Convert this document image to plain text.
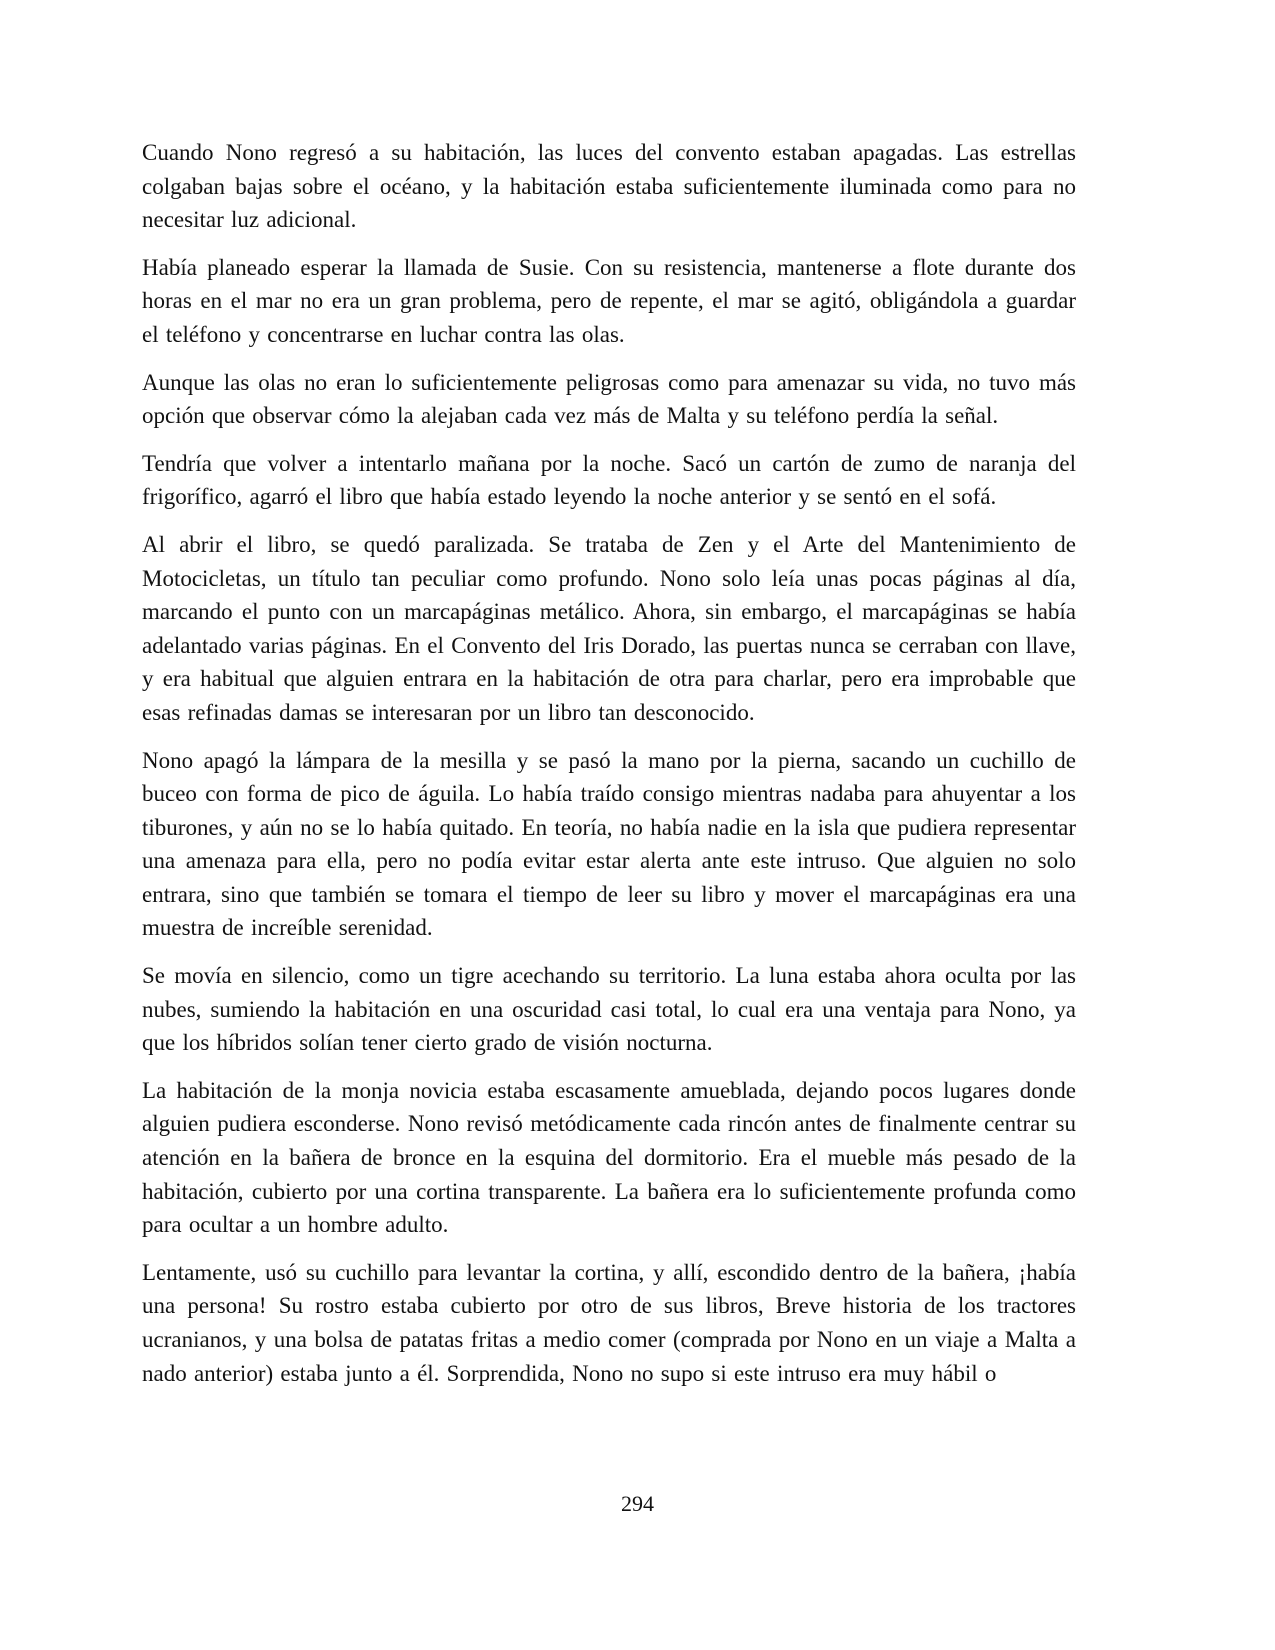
Cuando Nono regresó a su habitación, las luces del convento estaban apagadas. Las estrellas colgaban bajas sobre el océano, y la habitación estaba suficientemente iluminada como para no necesitar luz adicional.

Había planeado esperar la llamada de Susie. Con su resistencia, mantenerse a flote durante dos horas en el mar no era un gran problema, pero de repente, el mar se agitó, obligándola a guardar el teléfono y concentrarse en luchar contra las olas.

Aunque las olas no eran lo suficientemente peligrosas como para amenazar su vida, no tuvo más opción que observar cómo la alejaban cada vez más de Malta y su teléfono perdía la señal.

Tendría que volver a intentarlo mañana por la noche. Sacó un cartón de zumo de naranja del frigorífico, agarró el libro que había estado leyendo la noche anterior y se sentó en el sofá.

Al abrir el libro, se quedó paralizada. Se trataba de Zen y el Arte del Mantenimiento de Motocicletas, un título tan peculiar como profundo. Nono solo leía unas pocas páginas al día, marcando el punto con un marcapáginas metálico. Ahora, sin embargo, el marcapáginas se había adelantado varias páginas. En el Convento del Iris Dorado, las puertas nunca se cerraban con llave, y era habitual que alguien entrara en la habitación de otra para charlar, pero era improbable que esas refinadas damas se interesaran por un libro tan desconocido.

Nono apagó la lámpara de la mesilla y se pasó la mano por la pierna, sacando un cuchillo de buceo con forma de pico de águila. Lo había traído consigo mientras nadaba para ahuyentar a los tiburones, y aún no se lo había quitado. En teoría, no había nadie en la isla que pudiera representar una amenaza para ella, pero no podía evitar estar alerta ante este intruso. Que alguien no solo entrara, sino que también se tomara el tiempo de leer su libro y mover el marcapáginas era una muestra de increíble serenidad.

Se movía en silencio, como un tigre acechando su territorio. La luna estaba ahora oculta por las nubes, sumiendo la habitación en una oscuridad casi total, lo cual era una ventaja para Nono, ya que los híbridos solían tener cierto grado de visión nocturna.

La habitación de la monja novicia estaba escasamente amueblada, dejando pocos lugares donde alguien pudiera esconderse. Nono revisó metódicamente cada rincón antes de finalmente centrar su atención en la bañera de bronce en la esquina del dormitorio. Era el mueble más pesado de la habitación, cubierto por una cortina transparente. La bañera era lo suficientemente profunda como para ocultar a un hombre adulto.

Lentamente, usó su cuchillo para levantar la cortina, y allí, escondido dentro de la bañera, ¡había una persona! Su rostro estaba cubierto por otro de sus libros, Breve historia de los tractores ucranianos, y una bolsa de patatas fritas a medio comer (comprada por Nono en un viaje a Malta a nado anterior) estaba junto a él. Sorprendida, Nono no supo si este intruso era muy hábil o

294
